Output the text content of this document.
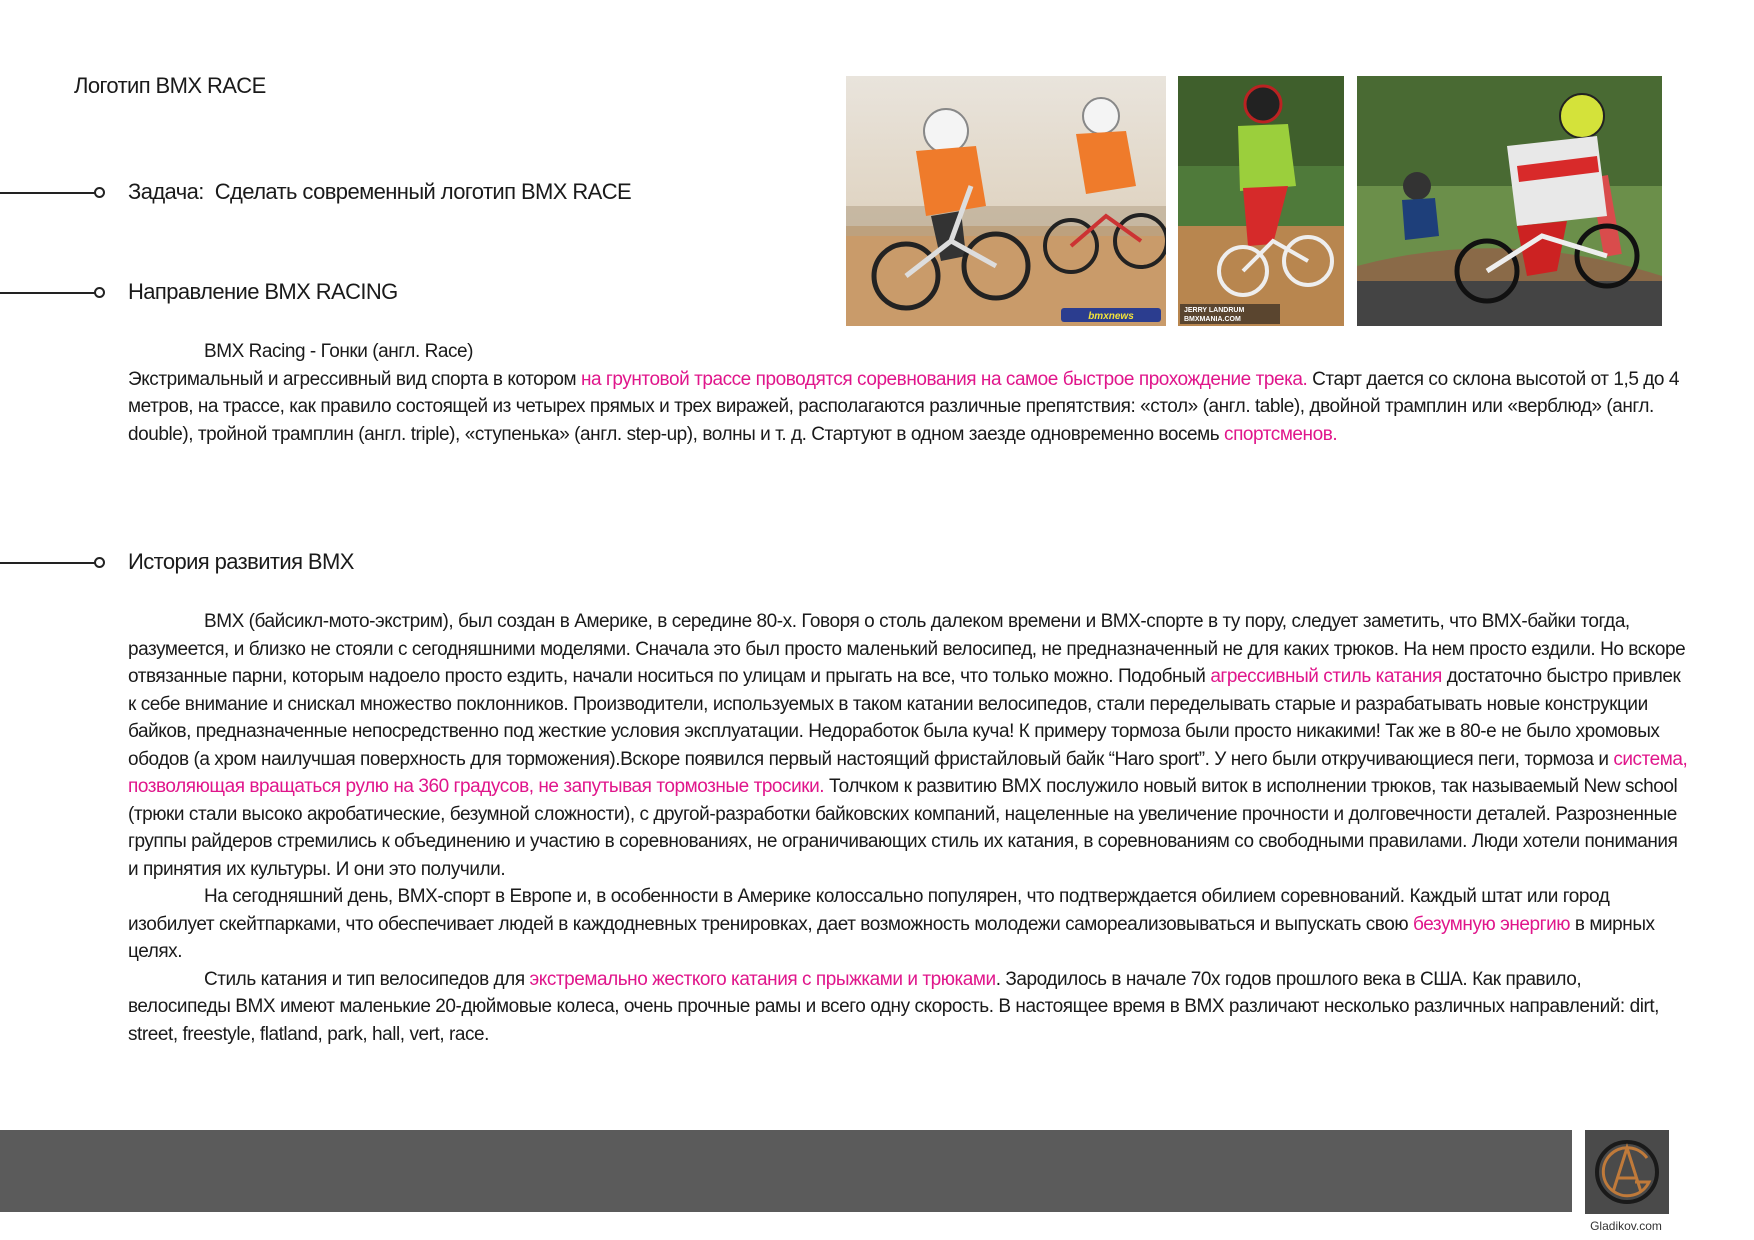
Логотип BMX RACE
Задача: Сделать современный логотип BMX RACE
Направление BMX RACING

BMX Racing - Гонки (англ. Race)

Экстримальный и агрессивный вид спорта в котором на грунтовой трассе проводятся соревнования на самое быстрое прохождение трека. Старт дается со склона высотой от 1,5 до 4 метров, на трассе, как правило состоящей из четырех прямых и трех виражей, располагаются различные препятствия: «стол» (англ. table), двойной трамплин или «верблюд» (англ. double), тройной трамплин (англ. triple), «ступенька» (англ. step-up), волны и т. д. Стартуют в одном заезде одновременно восемь спортсменов.

История развития BMX

BMX (байсикл-мото-экстрим), был создан в Америке, в середине 80-х. Говоря о столь далеком времени и BMX-спорте в ту пору, следует заметить, что BMX-байки тогда, разумеется, и близко не стояли с сегодняшними моделями. Сначала это был просто маленький велосипед, не предназначенный не для каких трюков. На нем просто ездили. Но вскоре отвязанные парни, которым надоело просто ездить, начали носиться по улицам и прыгать на все, что только можно. Подобный агрессивный стиль катания достаточно быстро привлек к себе внимание и снискал множество поклонников. Производители, используемых в таком катании велосипедов, стали переделывать старые и разрабатывать новые конструкции байков, предназначенные непосредственно под жесткие условия эксплуатации. Недоработок была куча! К примеру тормоза были просто никакими! Так же в 80-е не было хромовых ободов (а хром наилучшая поверхность для торможения).Вскоре появился первый настоящий фристайловый байк “Haro sport”. У него были откручивающиеся пеги, тормоза и система, позволяющая вращаться рулю на 360 градусов, не запутывая тормозные тросики. Толчком к развитию BMX послужило новый виток в исполнении трюков, так называемый New school (трюки стали высоко акробатические, безумной сложности), с другой-разработки байковских компаний, нацеленные на увеличение прочности и долговечности деталей. Разрозненные группы райдеров стремились к объединению и участию в соревнованиях, не ограничивающих стиль их катания, в соревнованиям со свободными правилами. Люди хотели понимания и принятия их культуры. И они это получили.

На сегодняшний день, BMX-спорт в Европе и, в особенности в Америке колоссально популярен, что подтверждается обилием соревнований. Каждый штат или город изобилует скейтпарками, что обеспечивает людей в каждодневных тренировках, дает возможность молодежи самореализовываться и выпускать свою безумную энергию в мирных целях.

Стиль катания и тип велосипедов для экстремально жесткого катания с прыжками и трюками. Зародилось в начале 70х годов прошлого века в США. Как правило, велосипеды BMX имеют маленькие 20-дюймовые колеса, очень прочные рамы и всего одну скорость. В настоящее время в BMX различают несколько различных направлений: dirt, street, freestyle, flatland, park, hall, vert, race.

bmxnews
JERRY LANDRUM
BMXMANIA.COM
Gladikov.com
